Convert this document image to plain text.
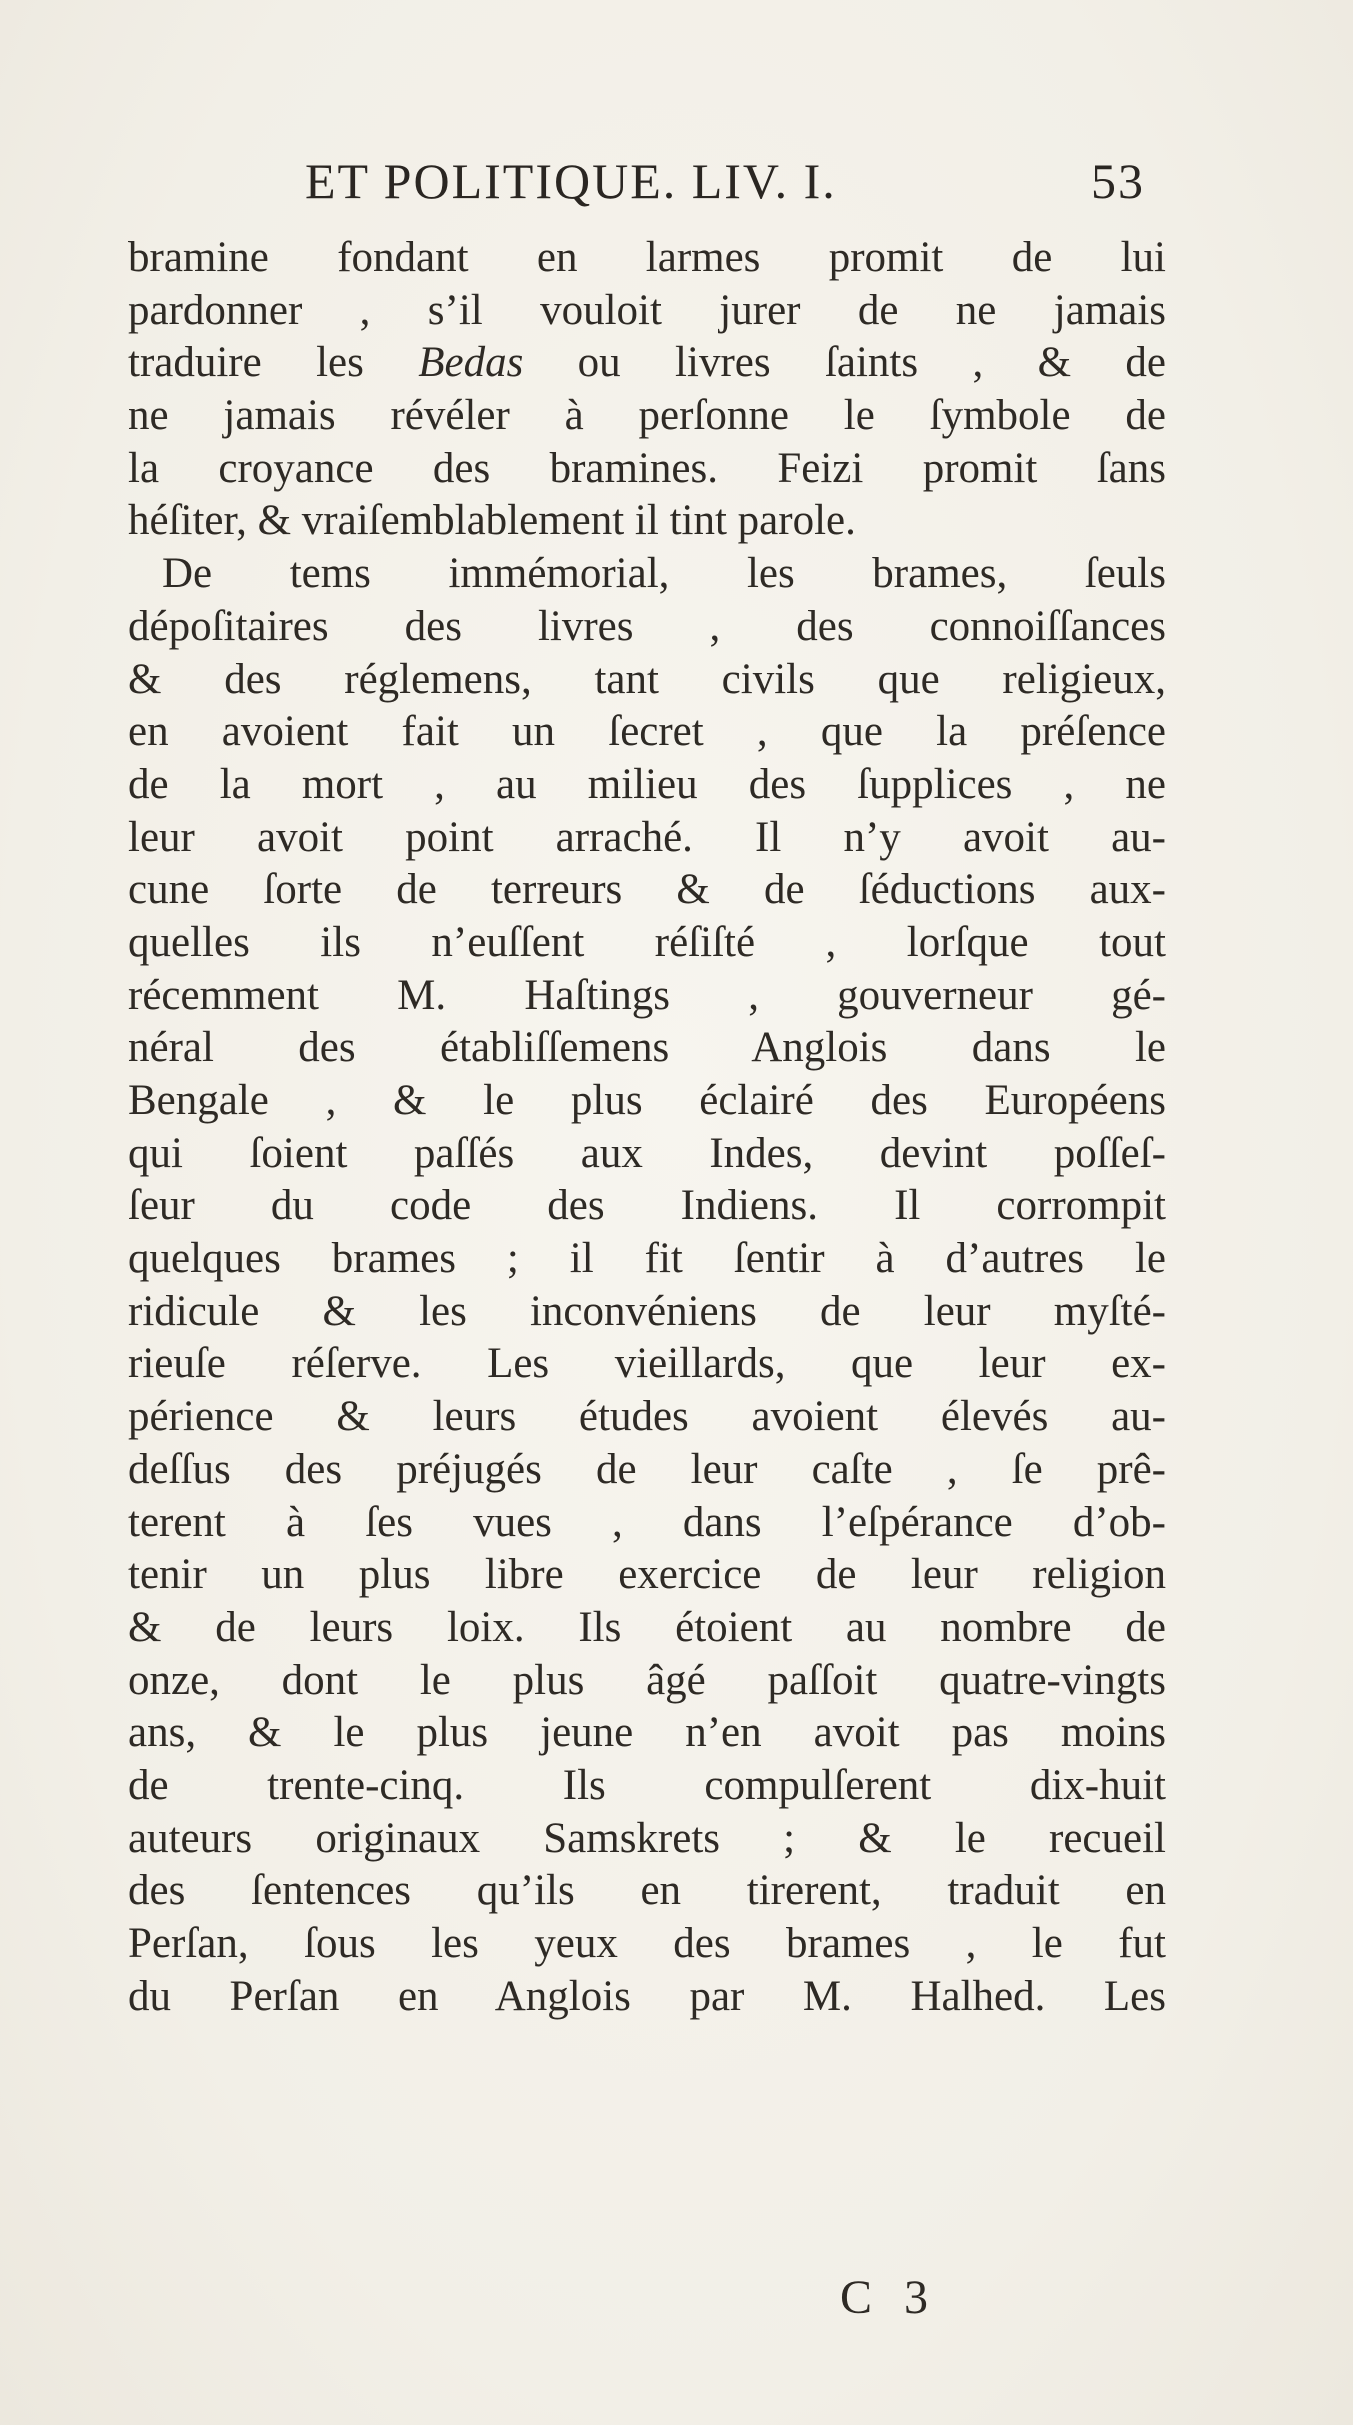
ET POLITIQUE. LIV. I.	53
bramine fondant en larmes promit de lui
pardonner , s’il vouloit jurer de ne jamais
traduire les Bedas ou livres ſaints , & de
ne jamais révéler à perſonne le ſymbole de
la croyance des bramines. Feizi promit ſans
héſiter, & vraiſemblablement il tint parole.
De tems immémorial, les brames, ſeuls
dépoſitaires des livres , des connoiſſances
& des réglemens, tant civils que religieux,
en avoient fait un ſecret , que la préſence
de la mort , au milieu des ſupplices , ne
leur avoit point arraché. Il n’y avoit au-
cune ſorte de terreurs & de ſéductions aux-
quelles ils n’euſſent réſiſté , lorſque tout
récemment M. Haſtings , gouverneur gé-
néral des établiſſemens Anglois dans le
Bengale , & le plus éclairé des Européens
qui ſoient paſſés aux Indes, devint poſſeſ-
ſeur du code des Indiens. Il corrompit
quelques brames ; il fit ſentir à d’autres le
ridicule & les inconvéniens de leur myſté-
rieuſe réſerve. Les vieillards, que leur ex-
périence & leurs études avoient élevés au-
deſſus des préjugés de leur caſte , ſe prê-
terent à ſes vues , dans l’eſpérance d’ob-
tenir un plus libre exercice de leur religion
& de leurs loix. Ils étoient au nombre de
onze, dont le plus âgé paſſoit quatre-vingts
ans, & le plus jeune n’en avoit pas moins
de trente-cinq. Ils compulſerent dix-huit
auteurs originaux Samskrets ; & le recueil
des ſentences qu’ils en tirerent, traduit en
Perſan, ſous les yeux des brames , le fut
du Perſan en Anglois par M. Halhed. Les
C 3
